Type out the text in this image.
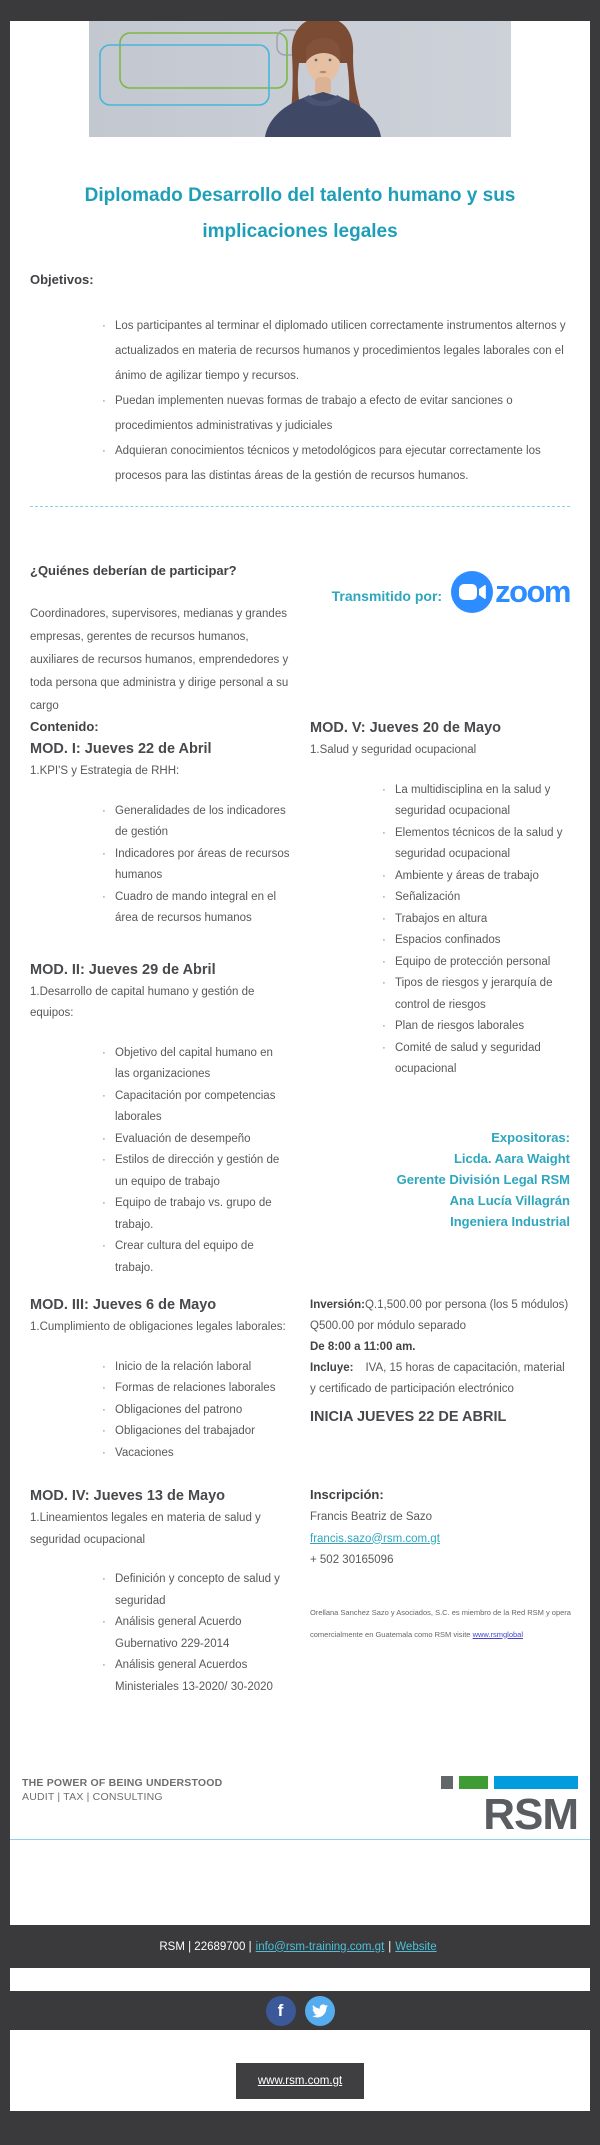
Diplomado Desarrollo del talento humano y sus implicaciones legales
Objetivos:
· Los participantes al terminar el diplomado utilicen correctamente instrumentos alternos y actualizados en materia de recursos humanos y procedimientos legales laborales con el ánimo de agilizar tiempo y recursos.
· Puedan implementen nuevas formas de trabajo a efecto de evitar sanciones o procedimientos administrativas y judiciales
· Adquieran conocimientos técnicos y metodológicos para ejecutar correctamente los procesos para las distintas áreas de la gestión de recursos humanos.
¿Quiénes deberían de participar?

Coordinadores, supervisores, medianas y grandes empresas, gerentes de recursos humanos, auxiliares de recursos humanos, emprendedores y toda persona que administra y dirige personal a su cargo

Transmitido por: zoom
Contenido:
MOD. I: Jueves 22 de Abril
1.KPI'S y Estrategia de RHH:
· Generalidades de los indicadores de gestión
· Indicadores por áreas de recursos humanos
· Cuadro de mando integral en el área de recursos humanos
MOD. II: Jueves 29 de Abril
1.Desarrollo de capital humano y gestión de equipos:
· Objetivo del capital humano en las organizaciones
· Capacitación por competencias laborales
· Evaluación de desempeño
· Estilos de dirección y gestión de un equipo de trabajo
· Equipo de trabajo vs. grupo de trabajo.
· Crear cultura del equipo de trabajo.
MOD. V: Jueves 20 de Mayo
1.Salud y seguridad ocupacional
· La multidisciplina en la salud y seguridad ocupacional
· Elementos técnicos de la salud y seguridad ocupacional
· Ambiente y áreas de trabajo
· Señalización
· Trabajos en altura
· Espacios confinados
· Equipo de protección personal
· Tipos de riesgos y jerarquía de control de riesgos
· Plan de riesgos laborales
· Comité de salud y seguridad ocupacional
Expositoras:
Licda. Aara Waight
Gerente División Legal RSM
Ana Lucía Villagrán
Ingeniera Industrial
MOD. III: Jueves 6 de Mayo
1.Cumplimiento de obligaciones legales laborales:
· Inicio de la relación laboral
· Formas de relaciones laborales
· Obligaciones del patrono
· Obligaciones del trabajador
· Vacaciones

Inversión:Q.1,500.00 por persona (los 5 módulos)

Q500.00 por módulo separado

De 8:00 a 11:00 am.

Incluye: IVA, 15 horas de capacitación, material y certificado de participación electrónico

INICIA JUEVES 22 DE ABRIL
MOD. IV: Jueves 13 de Mayo
1.Lineamientos legales en materia de salud y seguridad ocupacional
· Definición y concepto de salud y seguridad
· Análisis general Acuerdo Gubernativo 229-2014
· Análisis general Acuerdos Ministeriales 13-2020/ 30-2020
Inscripción:

Francis Beatriz de Sazo

francis.sazo@rsm.com.gt

+ 502 30165096

Orellana Sanchez Sazo y Asociados, S.C. es miembro de la Red RSM y opera comercialmente en Guatemala como RSM visite www.rsmglobal
THE POWER OF BEING UNDERSTOOD
AUDIT | TAX | CONSULTING	RSM
RSM | 22689700 | info@rsm-training.com.gt | Website
f
www.rsm.com.gt
